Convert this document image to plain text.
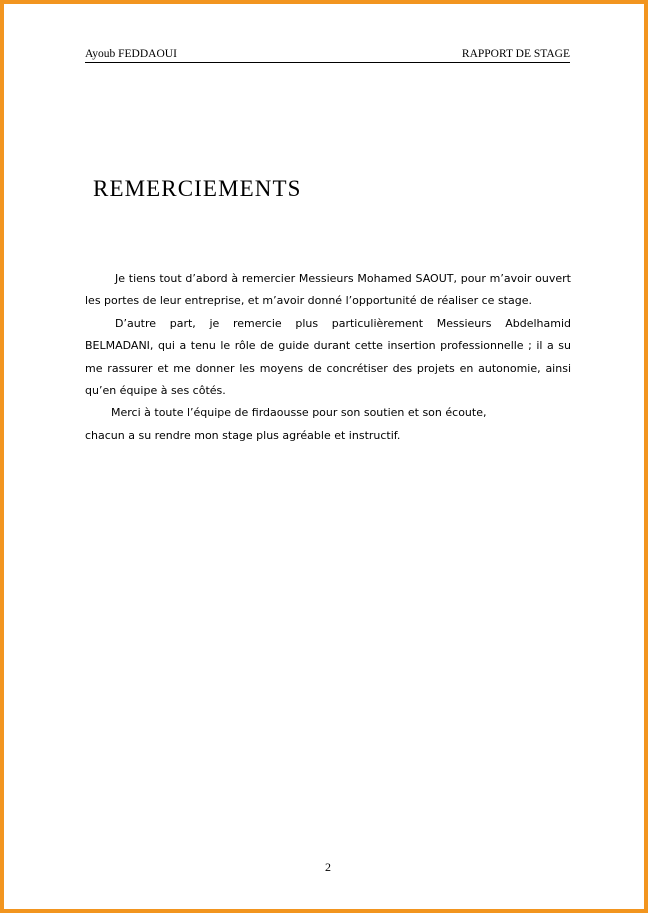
Ayoub FEDDAOUI	RAPPORT DE STAGE
REMERCIEMENTS

Je tiens tout d’abord à remercier Messieurs Mohamed SAOUT, pour m’avoir ouvert les portes de leur entreprise, et m’avoir donné l’opportunité de réaliser ce stage.

D’autre part, je remercie plus particulièrement Messieurs Abdelhamid BELMADANI, qui a tenu le rôle de guide durant cette insertion professionnelle ; il a su me rassurer et me donner les moyens de concrétiser des projets en autonomie, ainsi qu’en équipe à ses côtés.

Merci à toute l’équipe de firdaousse pour son soutien et son écoute,

chacun a su rendre mon stage plus agréable et instructif.

2
